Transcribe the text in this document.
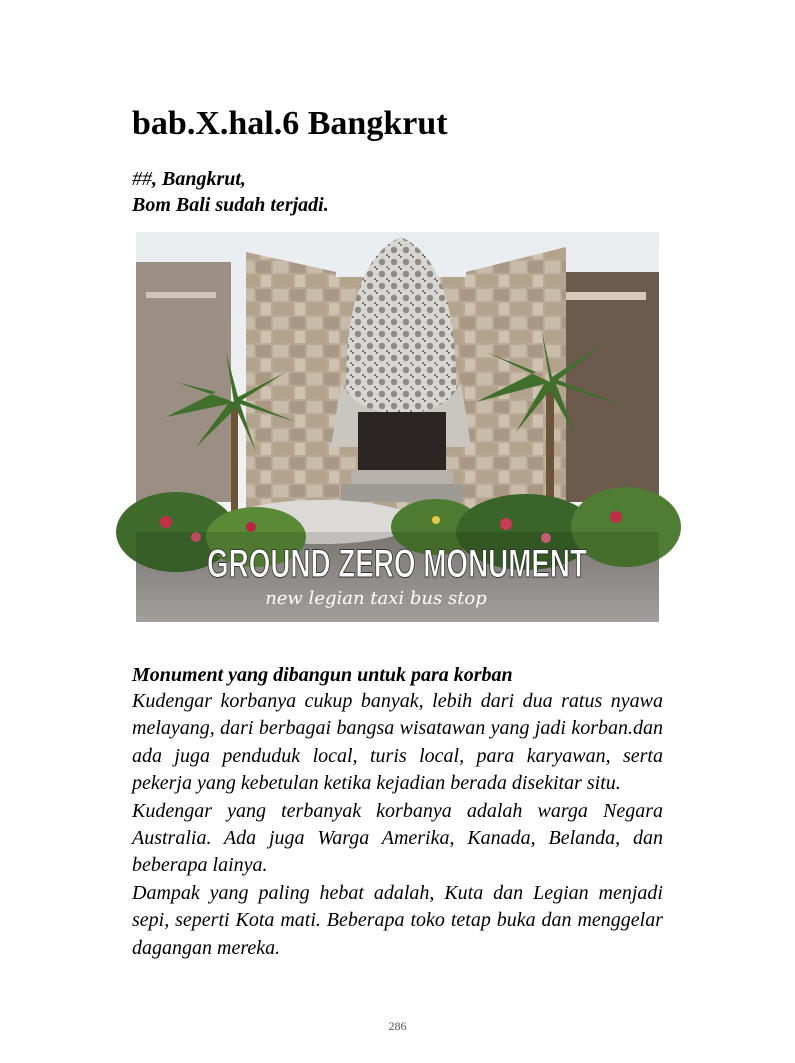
bab.X.hal.6 Bangkrut
##, Bangkrut,
Bom Bali sudah terjadi.
GROUND ZERO MONUMENT
new legian taxi bus stop
Monument yang dibangun untuk para korban

Kudengar korbanya cukup banyak, lebih dari dua ratus nyawa melayang, dari berbagai bangsa wisatawan yang jadi korban.dan ada juga penduduk local, turis local, para karyawan, serta pekerja yang kebetulan ketika kejadian berada disekitar situ.

Kudengar yang terbanyak korbanya adalah warga Negara Australia. Ada juga Warga Amerika, Kanada, Belanda, dan beberapa lainya.

Dampak yang paling hebat adalah, Kuta dan Legian menjadi sepi, seperti Kota mati. Beberapa toko tetap buka dan menggelar dagangan mereka.

286
